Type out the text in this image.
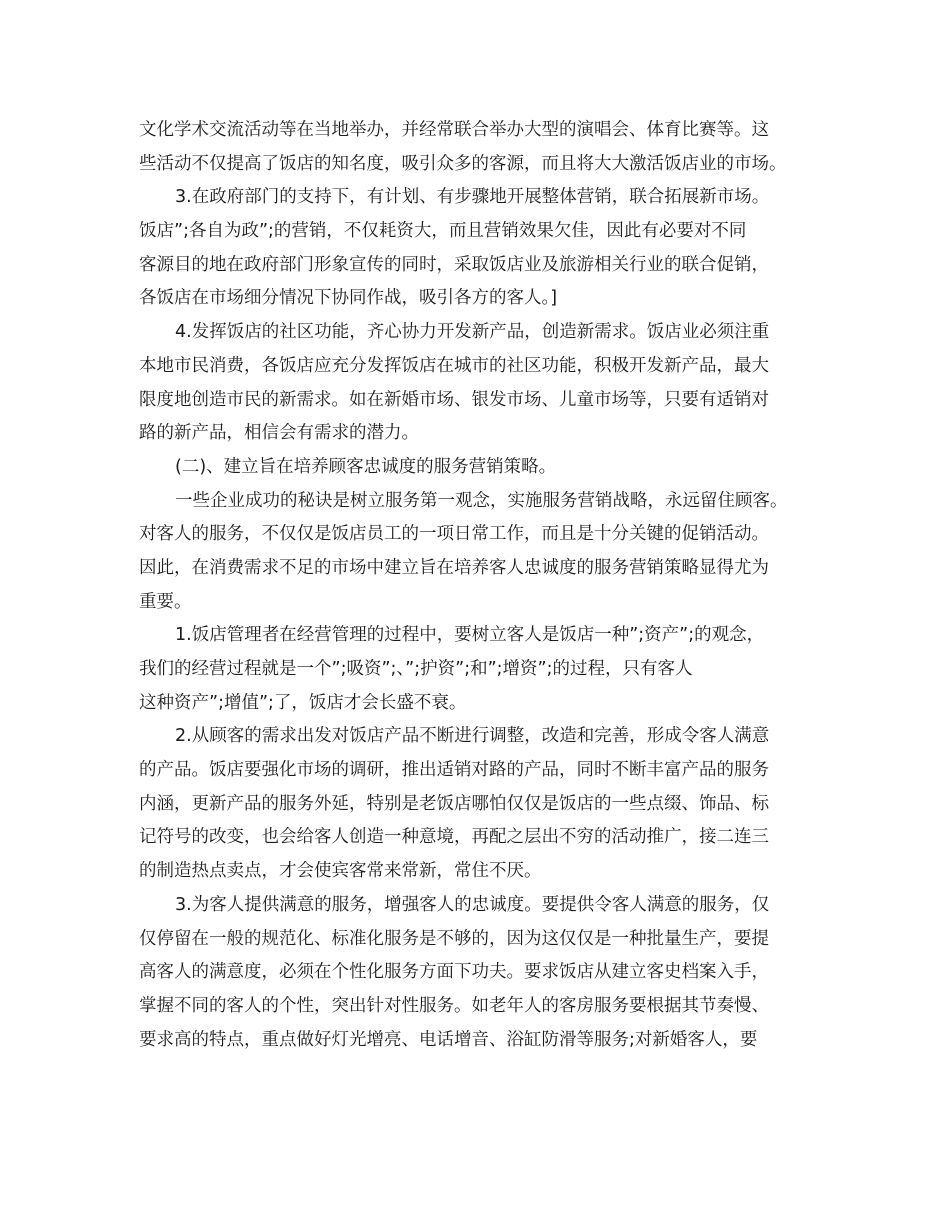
文化学术交流活动等在当地举办，并经常联合举办大型的演唱会、体育比赛等。这
些活动不仅提高了饭店的知名度，吸引众多的客源，而且将大大激活饭店业的市场。
3.在政府部门的支持下，有计划、有步骤地开展整体营销，联合拓展新市场。
饭店”;各自为政”;的营销，不仅耗资大，而且营销效果欠佳，因此有必要对不同
客源目的地在政府部门形象宣传的同时，采取饭店业及旅游相关行业的联合促销，
各饭店在市场细分情况下协同作战，吸引各方的客人。]
4.发挥饭店的社区功能，齐心协力开发新产品，创造新需求。饭店业必须注重
本地市民消费，各饭店应充分发挥饭店在城市的社区功能，积极开发新产品，最大
限度地创造市民的新需求。如在新婚市场、银发市场、儿童市场等，只要有适销对
路的新产品，相信会有需求的潜力。
(二)、建立旨在培养顾客忠诚度的服务营销策略。
一些企业成功的秘诀是树立服务第一观念，实施服务营销战略，永远留住顾客。
对客人的服务，不仅仅是饭店员工的一项日常工作，而且是十分关键的促销活动。
因此，在消费需求不足的市场中建立旨在培养客人忠诚度的服务营销策略显得尤为
重要。
1.饭店管理者在经营管理的过程中，要树立客人是饭店一种”;资产”;的观念，
我们的经营过程就是一个”;吸资”;、”;护资”;和”;增资”;的过程，只有客人
这种资产”;增值”;了，饭店才会长盛不衰。
2.从顾客的需求出发对饭店产品不断进行调整，改造和完善，形成令客人满意
的产品。饭店要强化市场的调研，推出适销对路的产品，同时不断丰富产品的服务
内涵，更新产品的服务外延，特别是老饭店哪怕仅仅是饭店的一些点缀、饰品、标
记符号的改变，也会给客人创造一种意境，再配之层出不穷的活动推广，接二连三
的制造热点卖点，才会使宾客常来常新，常住不厌。
3.为客人提供满意的服务，增强客人的忠诚度。要提供令客人满意的服务，仅
仅停留在一般的规范化、标准化服务是不够的，因为这仅仅是一种批量生产，要提
高客人的满意度，必须在个性化服务方面下功夫。要求饭店从建立客史档案入手，
掌握不同的客人的个性，突出针对性服务。如老年人的客房服务要根据其节奏慢、
要求高的特点，重点做好灯光增亮、电话增音、浴缸防滑等服务;对新婚客人，要
